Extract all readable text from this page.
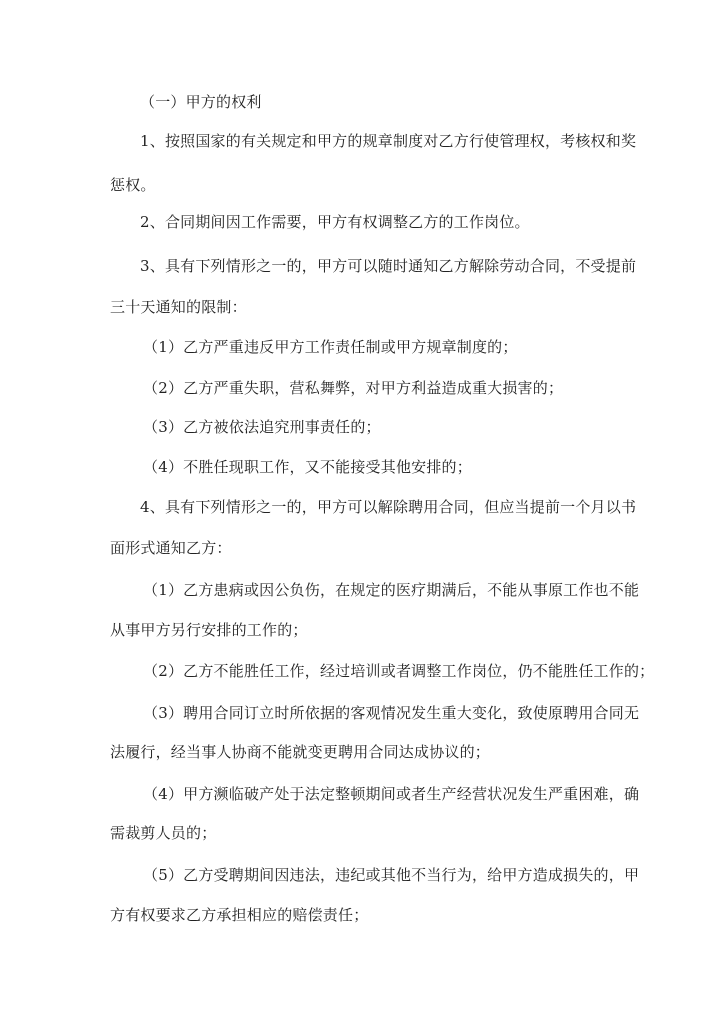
（一）甲方的权利

1、按照国家的有关规定和甲方的规章制度对乙方行使管理权，考核权和奖

惩权。

2、合同期间因工作需要，甲方有权调整乙方的工作岗位。

3、具有下列情形之一的，甲方可以随时通知乙方解除劳动合同，不受提前

三十天通知的限制：

（1）乙方严重违反甲方工作责任制或甲方规章制度的；

（2）乙方严重失职，营私舞弊，对甲方利益造成重大损害的；

（3）乙方被依法追究刑事责任的；

（4）不胜任现职工作，又不能接受其他安排的；

4、具有下列情形之一的，甲方可以解除聘用合同，但应当提前一个月以书

面形式通知乙方：

（1）乙方患病或因公负伤，在规定的医疗期满后，不能从事原工作也不能

从事甲方另行安排的工作的；

（2）乙方不能胜任工作，经过培训或者调整工作岗位，仍不能胜任工作的；

（3）聘用合同订立时所依据的客观情况发生重大变化，致使原聘用合同无

法履行，经当事人协商不能就变更聘用合同达成协议的；

（4）甲方濒临破产处于法定整顿期间或者生产经营状况发生严重困难，确

需裁剪人员的；

（5）乙方受聘期间因违法，违纪或其他不当行为，给甲方造成损失的，甲

方有权要求乙方承担相应的赔偿责任；
